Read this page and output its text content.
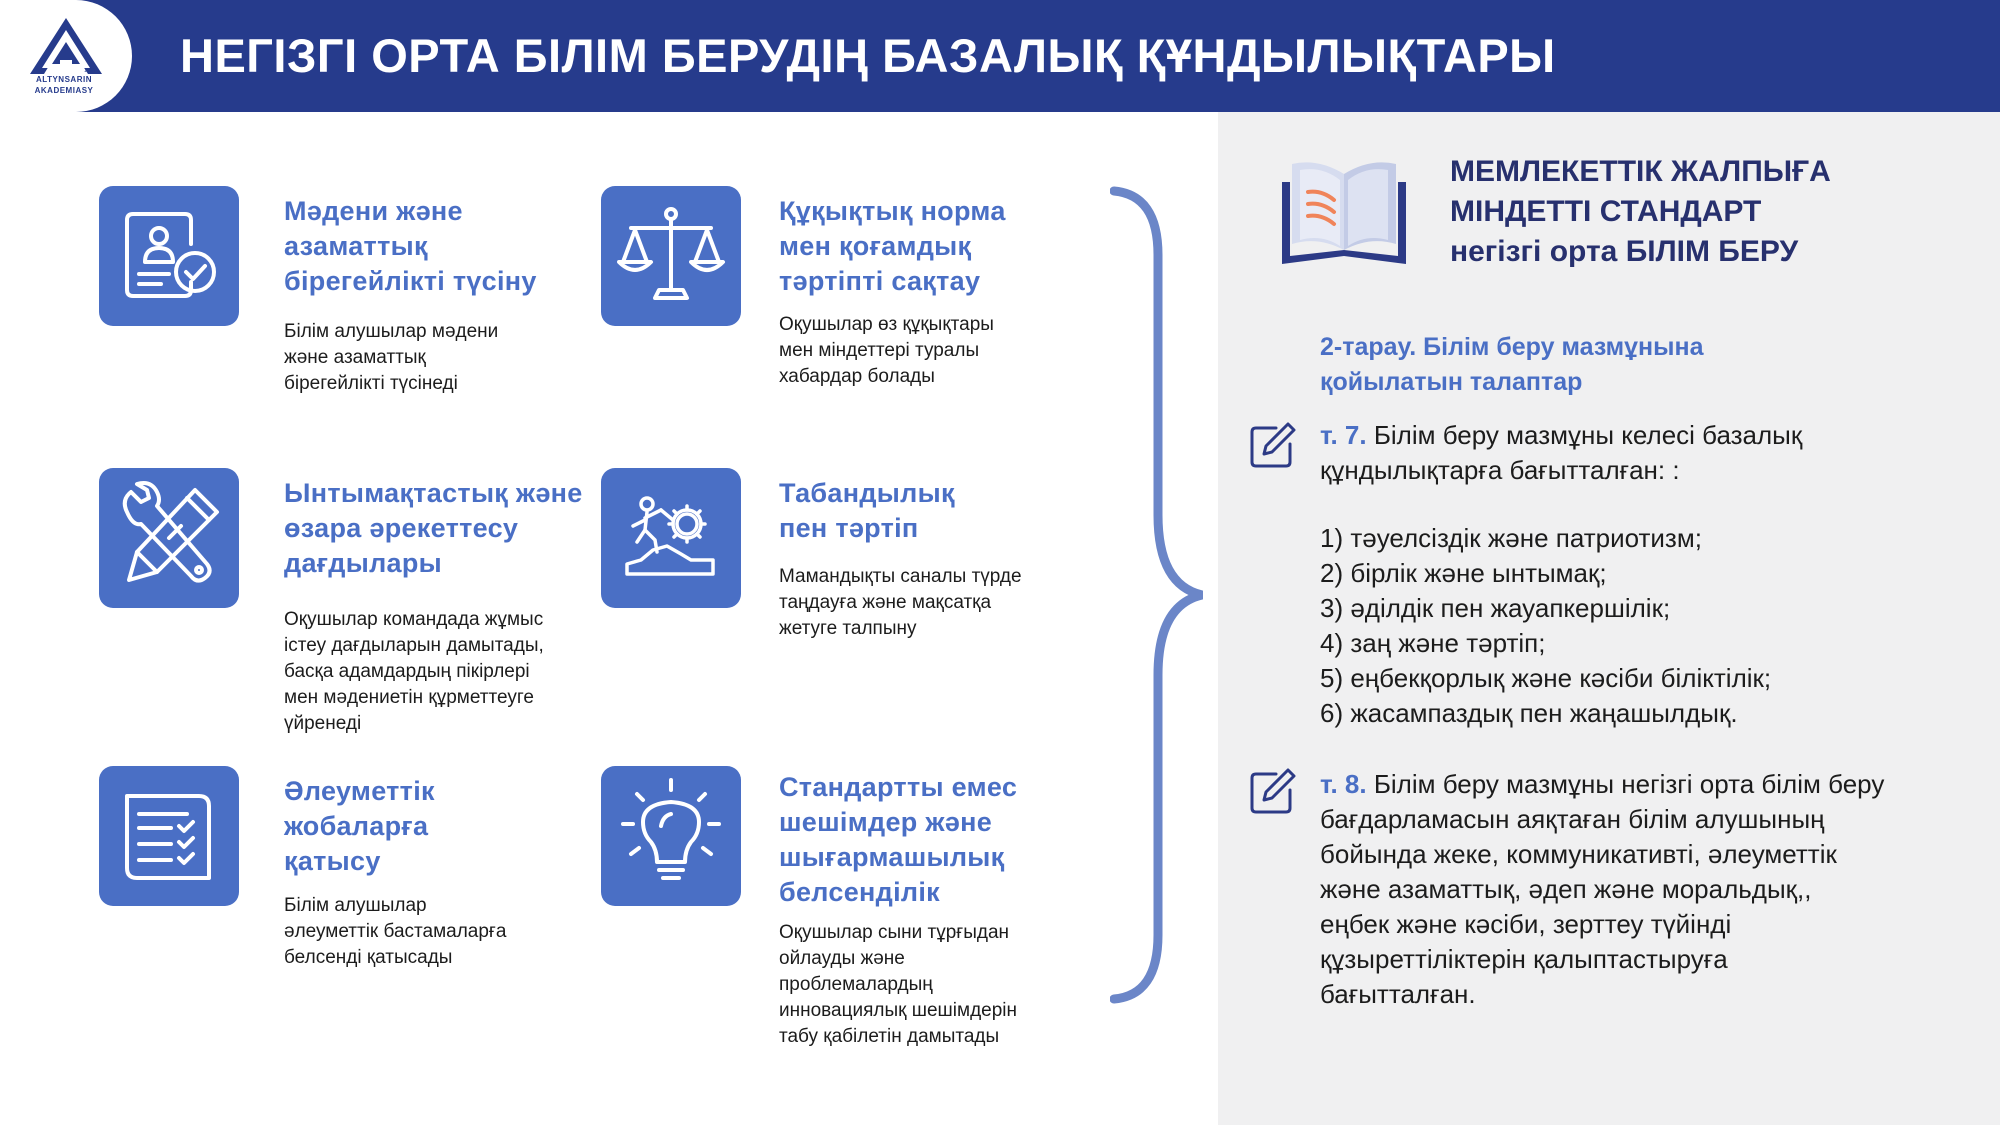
1939
ALTYNSARIN
AKADEMIASY
НЕГІЗГІ ОРТА БІЛІМ БЕРУДІҢ БАЗАЛЫҚ ҚҰНДЫЛЫҚТАРЫ
Мәдени және
азаматтық
бірегейлікті түсіну
Білім алушылар мәдени
және азаматтық
бірегейлікті түсінеді
Құқықтық норма
мен қоғамдық
тәртіпті сақтау
Оқушылар өз құқықтары
мен міндеттері туралы
хабардар болады
Ынтымақтастық және
өзара әрекеттесу
дағдылары
Оқушылар командада жұмыс
істеу дағдыларын дамытады,
басқа адамдардың пікірлері
мен мәдениетін құрметтеуге
үйренеді
Табандылық
пен тәртіп
Мамандықты саналы түрде
таңдауға және мақсатқа
жетуге талпыну
Әлеуметтік
жобаларға
қатысу
Білім алушылар
әлеуметтік бастамаларға
белсенді қатысады
Стандартты емес
шешімдер және
шығармашылық
белсенділік
Оқушылар сыни тұрғыдан
ойлауды және
проблемалардың
инновациялық шешімдерін
табу қабілетін дамытады
МЕМЛЕКЕТТІК ЖАЛПЫҒА
МІНДЕТТІ СТАНДАРТ
негізгі орта БІЛІМ БЕРУ
2-тарау. Білім беру мазмұнына
қойылатын талаптар
т. 7. Білім беру мазмұны келесі базалық
құндылықтарға бағытталған: :
1) тәуелсіздік және патриотизм;
2) бірлік және ынтымақ;
3) әділдік пен жауапкершілік;
4) заң және тәртіп;
5) еңбекқорлық және кәсіби біліктілік;
6) жасампаздық пен жаңашылдық.
т. 8. Білім беру мазмұны негізгі орта білім беру
бағдарламасын аяқтаған білім алушының
бойында жеке, коммуникативті, әлеуметтік
және азаматтық, әдеп және моральдық,,
еңбек және кәсіби, зерттеу түйінді
құзыреттіліктерін қалыптастыруға
бағытталған.
